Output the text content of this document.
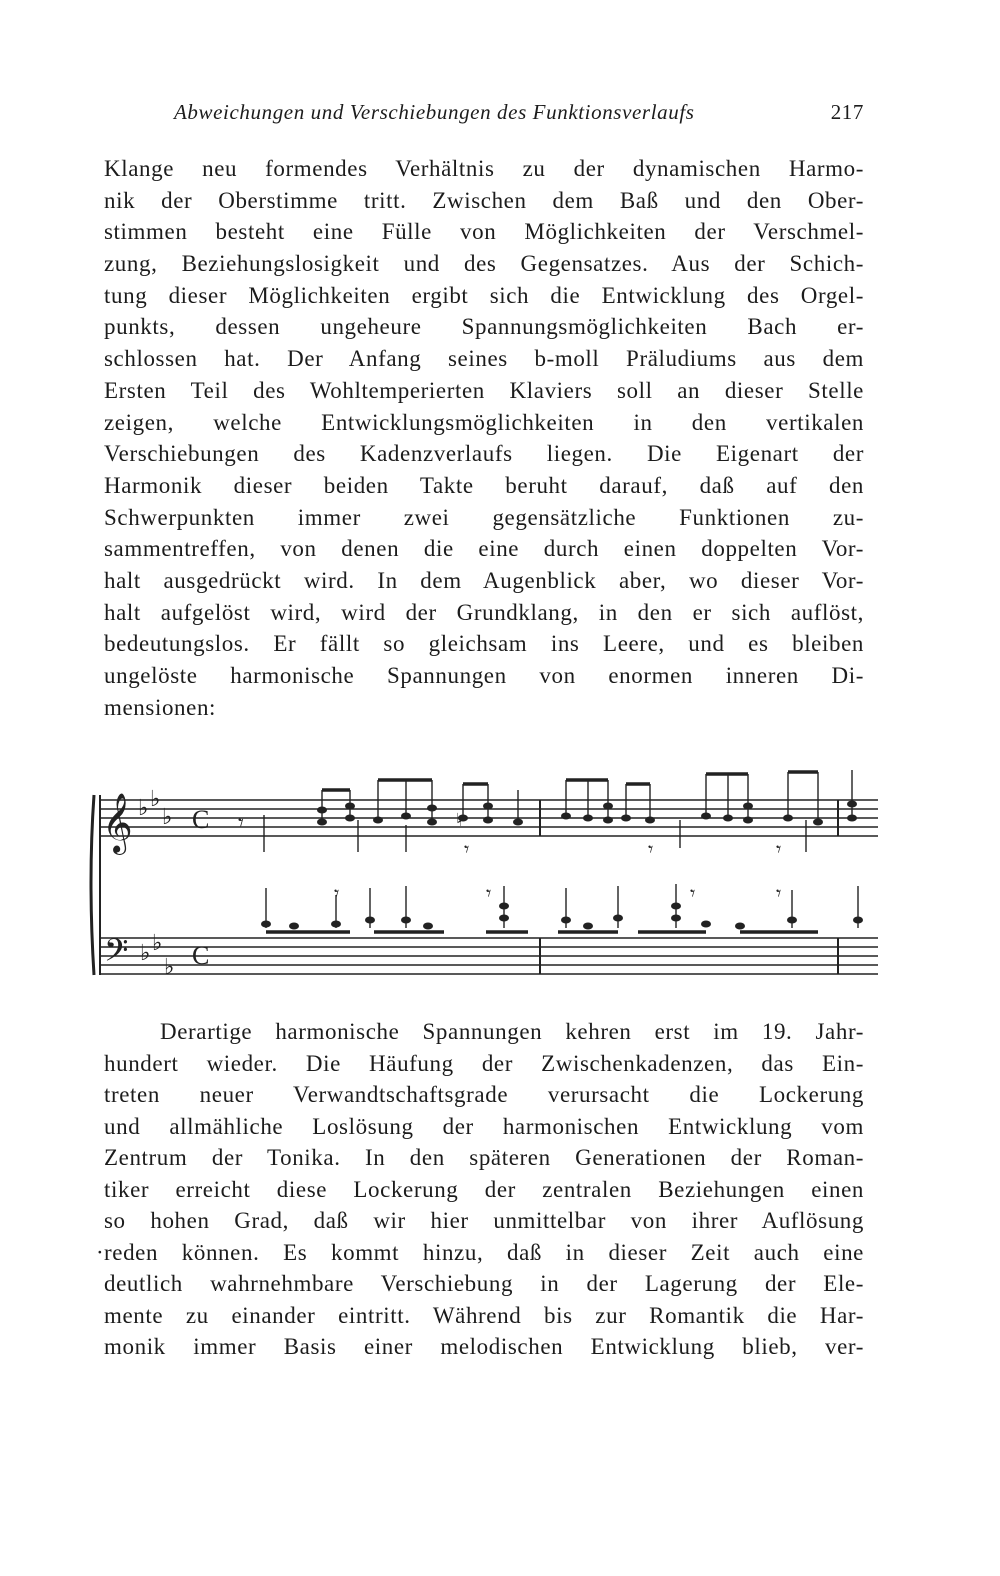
Abweichungen und Verschiebungen des Funktionsverlaufs	217
Klange neu formendes Verhältnis zu der dynamischen Harmo-
nik der Oberstimme tritt. Zwischen dem Baß und den Ober-
stimmen besteht eine Fülle von Möglichkeiten der Verschmel-
zung, Beziehungslosigkeit und des Gegensatzes. Aus der Schich-
tung dieser Möglichkeiten ergibt sich die Entwicklung des Orgel-
punkts, dessen ungeheure Spannungsmöglichkeiten Bach er-
schlossen hat. Der Anfang seines b-moll Präludiums aus dem
Ersten Teil des Wohltemperierten Klaviers soll an dieser Stelle
zeigen, welche Entwicklungsmöglichkeiten in den vertikalen
Verschiebungen des Kadenzverlaufs liegen. Die Eigenart der
Harmonik dieser beiden Takte beruht darauf, daß auf den
Schwerpunkten immer zwei gegensätzliche Funktionen zu-
sammentreffen, von denen die eine durch einen doppelten Vor-
halt ausgedrückt wird. In dem Augenblick aber, wo dieser Vor-
halt aufgelöst wird, wird der Grundklang, in den er sich auflöst,
bedeutungslos. Er fällt so gleichsam ins Leere, und es bleiben
ungelöste harmonische Spannungen von enormen inneren Di-
mensionen:
𝄞
𝄢
♭ ♭
♭
♭ ♭
♭
C
C
♮
𝄾
𝄾	𝄾	𝄾
𝄾	𝄾	𝄾	𝄾
Derartige harmonische Spannungen kehren erst im 19. Jahr-
hundert wieder. Die Häufung der Zwischenkadenzen, das Ein-
treten neuer Verwandtschaftsgrade verursacht die Lockerung
und allmähliche Loslösung der harmonischen Entwicklung vom
Zentrum der Tonika. In den späteren Generationen der Roman-
tiker erreicht diese Lockerung der zentralen Beziehungen einen
so hohen Grad, daß wir hier unmittelbar von ihrer Auflösung
· reden können. Es kommt hinzu, daß in dieser Zeit auch eine
deutlich wahrnehmbare Verschiebung in der Lagerung der Ele-
mente zu einander eintritt. Während bis zur Romantik die Har-
monik immer Basis einer melodischen Entwicklung blieb, ver-
